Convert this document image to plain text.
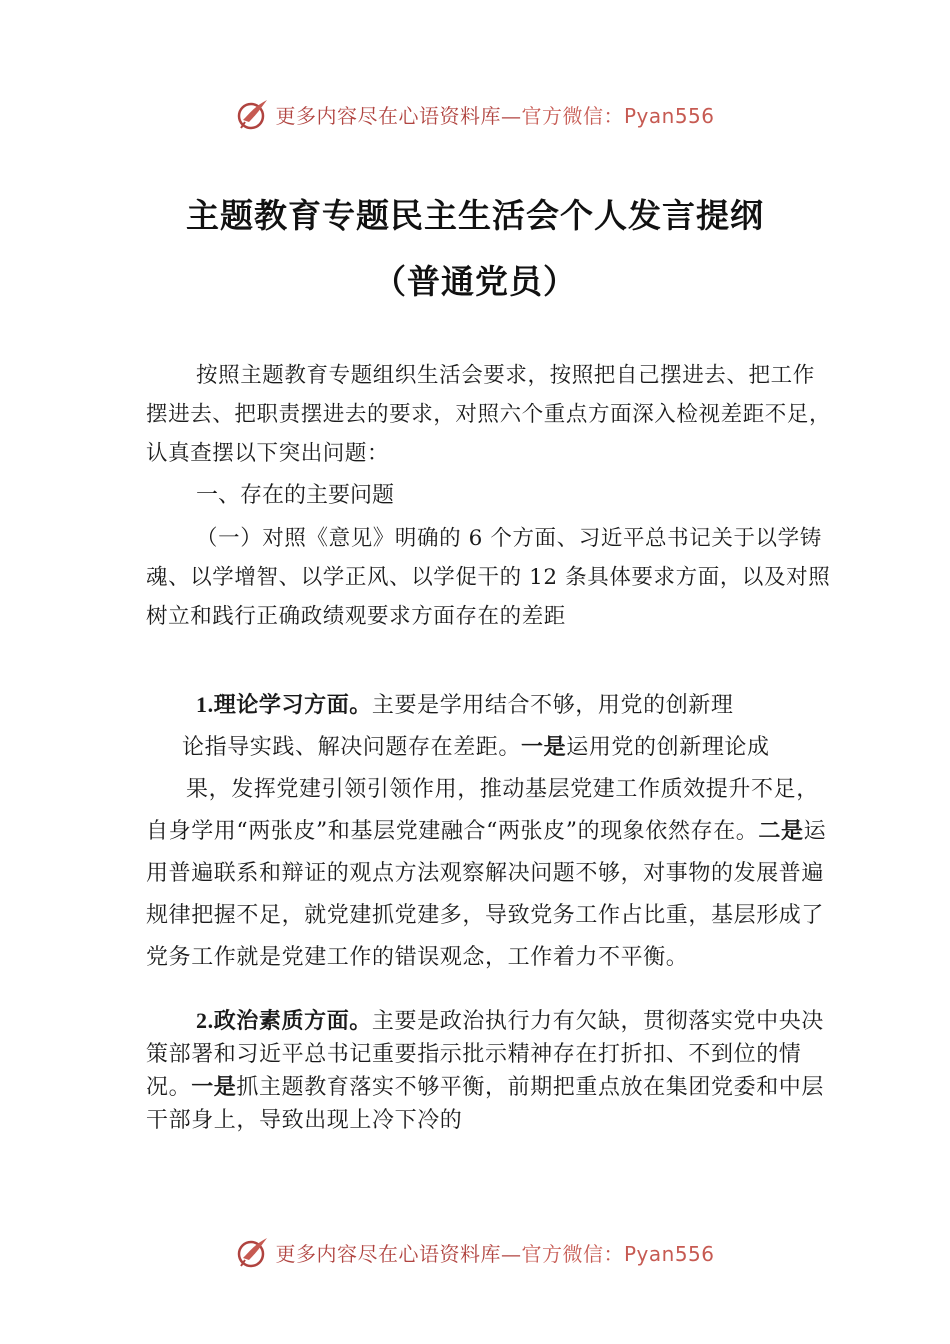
更多内容尽在心语资料库—官方微信：Pyan556
主题教育专题民主生活会个人发言提纲
（普通党员）
按照主题教育专题组织生活会要求，按照把自己摆进去、把工作摆进去、把职责摆进去的要求，对照六个重点方面深入检视差距不足，认真查摆以下突出问题：
一、存在的主要问题
（一）对照《意见》明确的 6 个方面、习近平总书记关于以学铸魂、以学增智、以学正风、以学促干的 12 条具体要求方面，以及对照树立和践行正确政绩观要求方面存在的差距
1.理论学习方面。主要是学用结合不够，用党的创新理
论指导实践、解决问题存在差距。一是运用党的创新理论成
果，发挥党建引领引领作用，推动基层党建工作质效提升不足，自身学用“两张皮”和基层党建融合“两张皮”的现象依然存在。二是运用普遍联系和辩证的观点方法观察解决问题不够，对事物的发展普遍规律把握不足，就党建抓党建多，导致党务工作占比重，基层形成了党务工作就是党建工作的错误观念，工作着力不平衡。
2.政治素质方面。主要是政治执行力有欠缺，贯彻落实党中央决策部署和习近平总书记重要指示批示精神存在打折扣、不到位的情况。一是抓主题教育落实不够平衡，前期把重点放在集团党委和中层干部身上，导致出现上冷下冷的
更多内容尽在心语资料库—官方微信：Pyan556
